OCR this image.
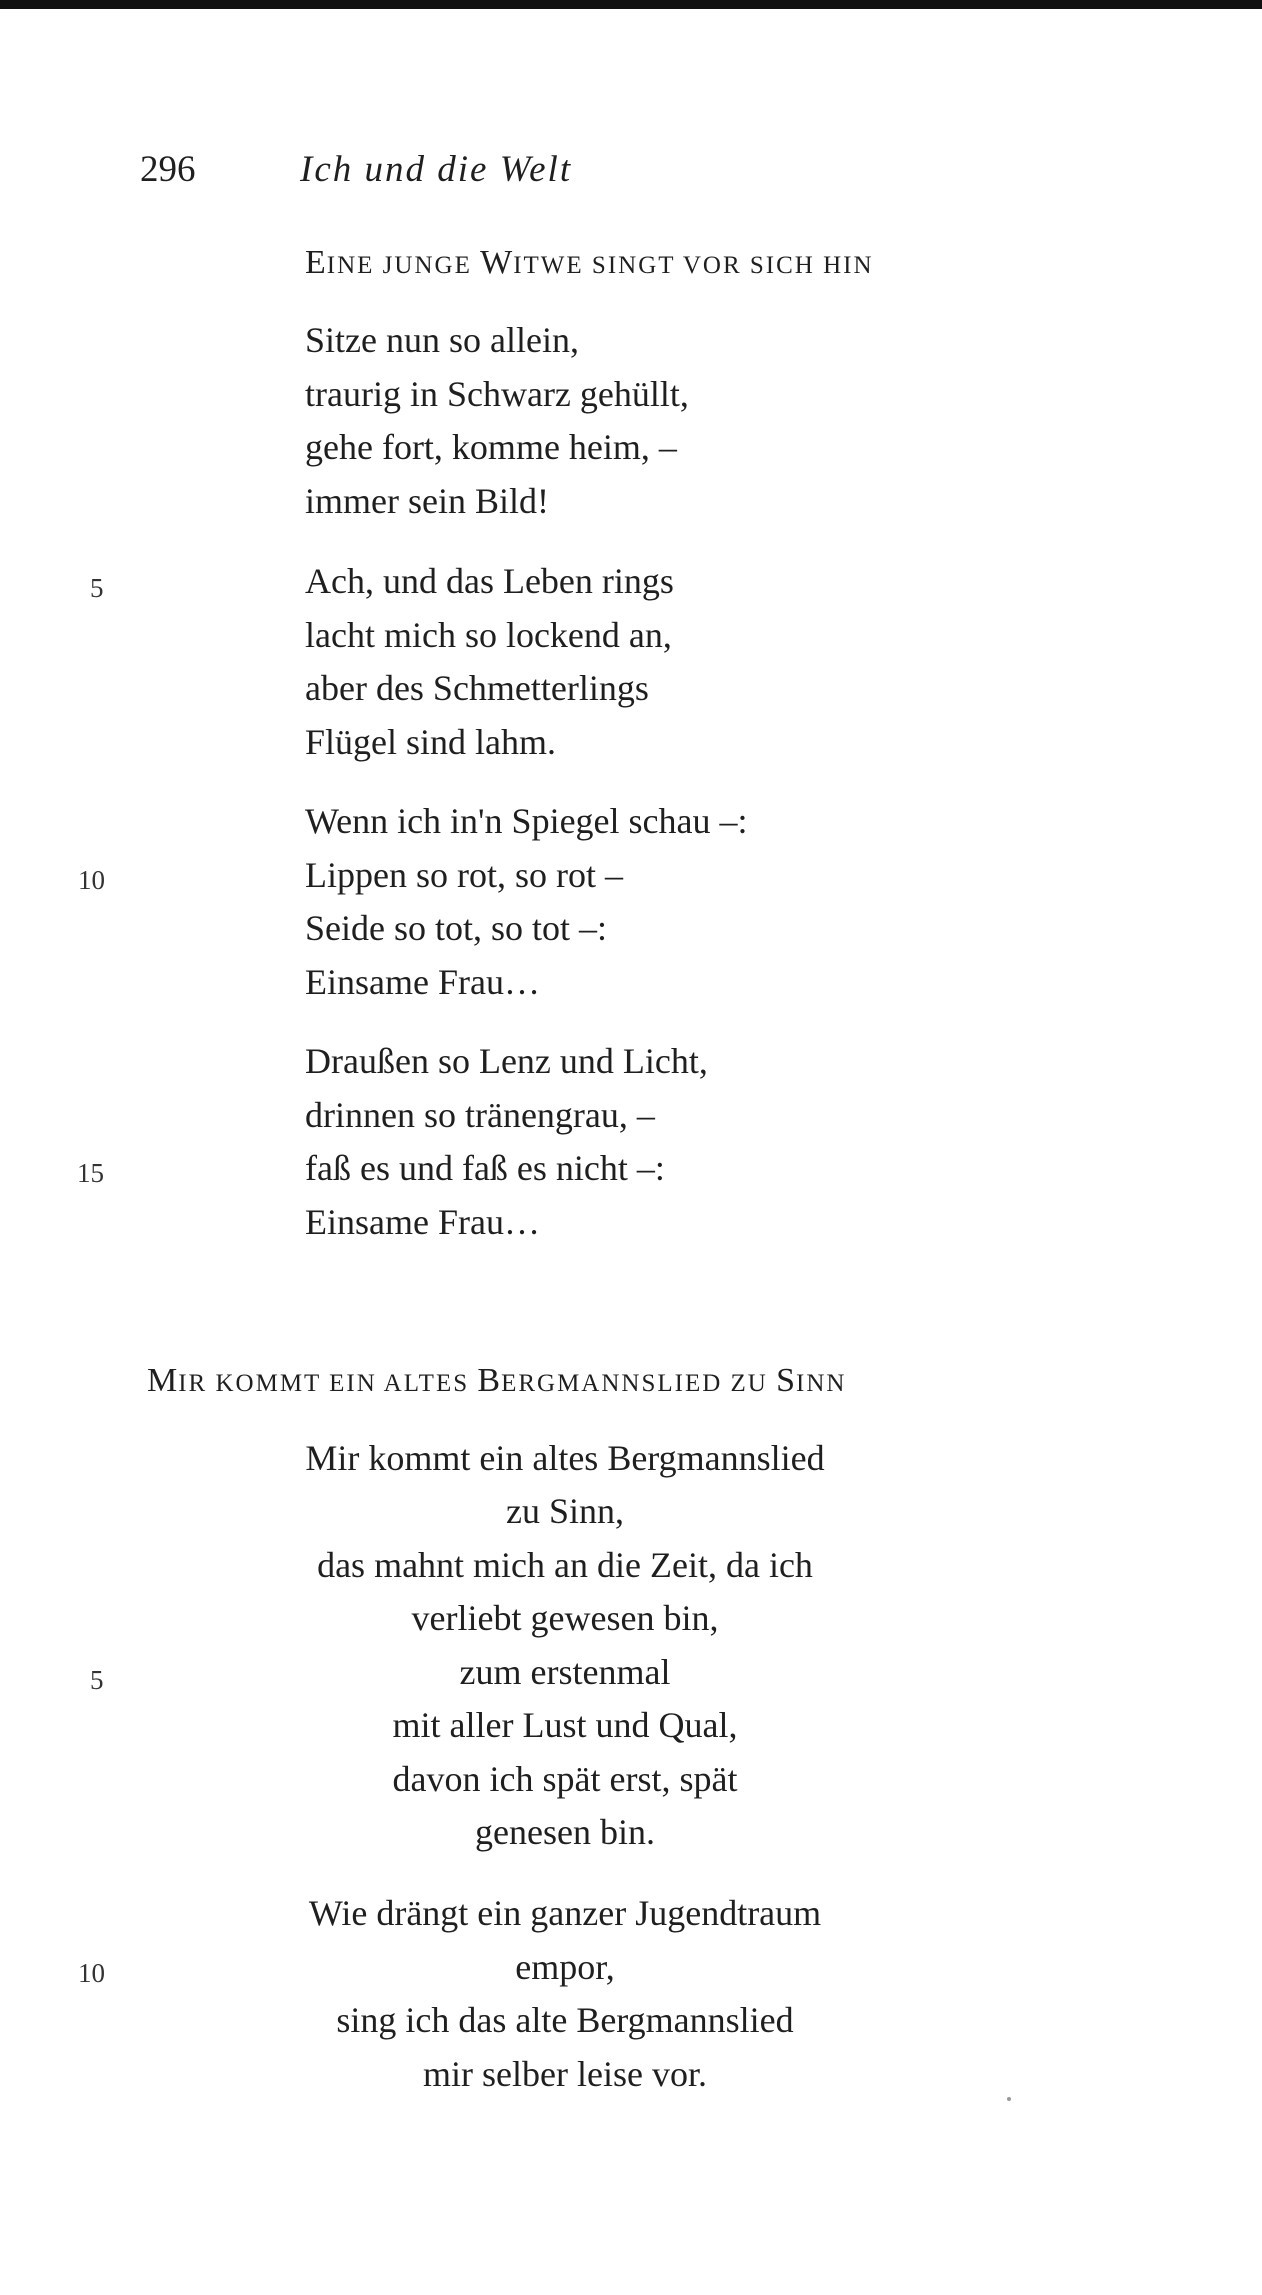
296	Ich und die Welt
EINE JUNGE WITWE SINGT VOR SICH HIN
Sitze nun so allein,
traurig in Schwarz gehüllt,
gehe fort, komme heim, –
immer sein Bild!
Ach, und das Leben rings
lacht mich so lockend an,
aber des Schmetterlings
Flügel sind lahm.
Wenn ich in'n Spiegel schau –:
Lippen so rot, so rot –
Seide so tot, so tot –:
Einsame Frau…
Draußen so Lenz und Licht,
drinnen so tränengrau, –
faß es und faß es nicht –:
Einsame Frau…
5
10
15
MIR KOMMT EIN ALTES BERGMANNSLIED ZU SINN
Mir kommt ein altes Bergmannslied
zu Sinn,
das mahnt mich an die Zeit, da ich
verliebt gewesen bin,
zum erstenmal
mit aller Lust und Qual,
davon ich spät erst, spät
genesen bin.
Wie drängt ein ganzer Jugendtraum
empor,
sing ich das alte Bergmannslied
mir selber leise vor.
5
10
